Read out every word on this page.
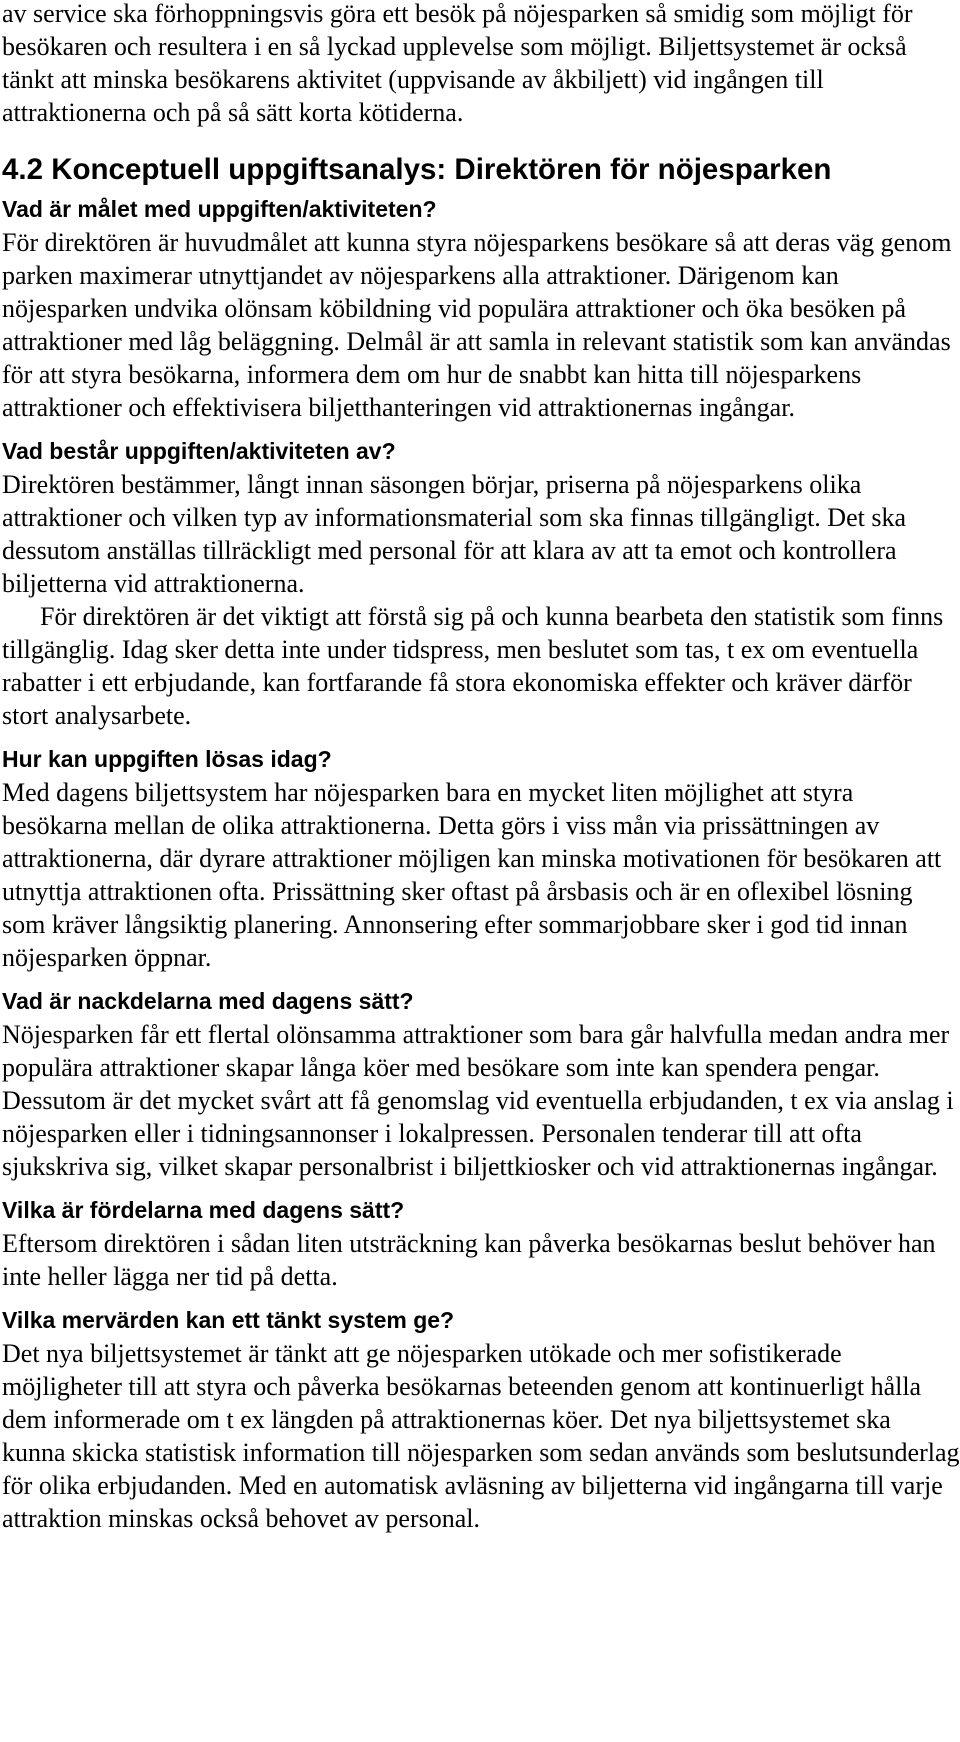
av service ska förhoppningsvis göra ett besök på nöjesparken så smidig som möjligt för besökaren och resultera i en så lyckad upplevelse som möjligt. Biljettsystemet är också tänkt att minska besökarens aktivitet (uppvisande av åkbiljett) vid ingången till attraktionerna och på så sätt korta kötiderna.

4.2 Konceptuell uppgiftsanalys: Direktören för nöjesparken
Vad är målet med uppgiften/aktiviteten?

För direktören är huvudmålet att kunna styra nöjesparkens besökare så att deras väg genom parken maximerar utnyttjandet av nöjesparkens alla attraktioner. Därigenom kan nöjesparken undvika olönsam köbildning vid populära attraktioner och öka besöken på attraktioner med låg beläggning. Delmål är att samla in relevant statistik som kan användas för att styra besökarna, informera dem om hur de snabbt kan hitta till nöjesparkens attraktioner och effektivisera biljetthanteringen vid attraktionernas ingångar.

Vad består uppgiften/aktiviteten av?

Direktören bestämmer, långt innan säsongen börjar, priserna på nöjesparkens olika attraktioner och vilken typ av informationsmaterial som ska finnas tillgängligt. Det ska dessutom anställas tillräckligt med personal för att klara av att ta emot och kontrollera biljetterna vid attraktionerna.

För direktören är det viktigt att förstå sig på och kunna bearbeta den statistik som finns tillgänglig. Idag sker detta inte under tidspress, men beslutet som tas, t ex om eventuella rabatter i ett erbjudande, kan fortfarande få stora ekonomiska effekter och kräver därför stort analysarbete.

Hur kan uppgiften lösas idag?

Med dagens biljettsystem har nöjesparken bara en mycket liten möjlighet att styra besökarna mellan de olika attraktionerna. Detta görs i viss mån via prissättningen av attraktionerna, där dyrare attraktioner möjligen kan minska motivationen för besökaren att utnyttja attraktionen ofta. Prissättning sker oftast på årsbasis och är en oflexibel lösning som kräver långsiktig planering. Annonsering efter sommarjobbare sker i god tid innan nöjesparken öppnar.

Vad är nackdelarna med dagens sätt?

Nöjesparken får ett flertal olönsamma attraktioner som bara går halvfulla medan andra mer populära attraktioner skapar långa köer med besökare som inte kan spendera pengar. Dessutom är det mycket svårt att få genomslag vid eventuella erbjudanden, t ex via anslag i nöjesparken eller i tidningsannonser i lokalpressen. Personalen tenderar till att ofta sjukskriva sig, vilket skapar personalbrist i biljettkiosker och vid attraktionernas ingångar.

Vilka är fördelarna med dagens sätt?

Eftersom direktören i sådan liten utsträckning kan påverka besökarnas beslut behöver han inte heller lägga ner tid på detta.

Vilka mervärden kan ett tänkt system ge?

Det nya biljettsystemet är tänkt att ge nöjesparken utökade och mer sofistikerade möjligheter till att styra och påverka besökarnas beteenden genom att kontinuerligt hålla dem informerade om t ex längden på attraktionernas köer. Det nya biljettsystemet ska kunna skicka statistisk information till nöjesparken som sedan används som beslutsunderlag för olika erbjudanden. Med en automatisk avläsning av biljetterna vid ingångarna till varje attraktion minskas också behovet av personal.
